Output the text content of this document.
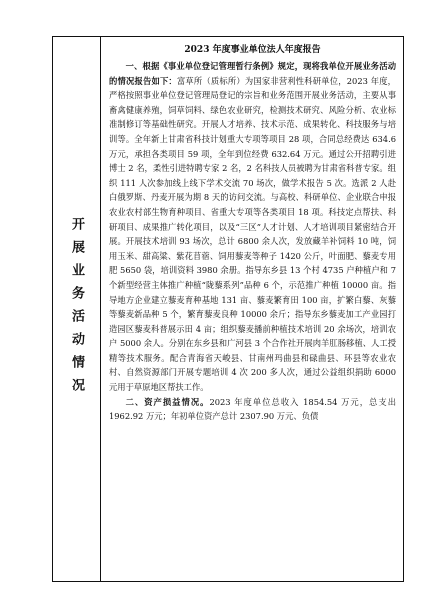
开展业务活动情况
2023 年度事业单位法人年度报告

一、根据《事业单位登记管理暂行条例》规定，现将我单位开展业务活动的情况报告如下：富草所（质标所）为国家非营利性科研单位，2023 年度，严格按照事业单位登记管理局登记的宗旨和业务范围开展业务活动，主要从事畜禽健康养殖，饲草饲料、绿色农业研究，检测技术研究、风险分析、农业标准制修订等基础性研究。开展人才培养、技术示范、成果转化、科技服务与培训等。全年新上甘肃省科技计划重大专项等项目 28 项，合同总经费达 634.6 万元，承担各类项目 59 项，全年到位经费 632.64 万元。通过公开招聘引进博士 2 名，柔性引进特聘专家 2 名，2 名科技人员被聘为甘肃省科普专家。组织 111 人次参加线上线下学术交流 70 场次，做学术报告 5 次。选派 2 人赴白俄罗斯、丹麦开展为期 8 天的访问交流。与高校、科研单位、企业联合申报农业农村部生物育种项目、省重大专项等各类项目 18 项。科技定点帮扶、科研项目、成果推广转化项目，以及“三区”人才计划、人才培训项目紧密结合开展。开展技术培训 93 场次，总计 6800 余人次，发放藏羊补饲料 10 吨，饲用玉米、甜高粱、紫花苜蓿、饲用藜麦等种子 1420 公斤，叶面肥、藜麦专用肥 5650 袋，培训资料 3980 余册。指导东乡县 13 个村 4735 户种植户和 7 个新型经营主体推广种植“陇藜系列”品种 6 个，示范推广种植 10000 亩。指导地方企业建立藜麦育种基地 131 亩、藜麦繁育田 100 亩，扩繁白藜、灰藜等藜麦新品种 5 个，繁育藜麦良种 10000 余斤；指导东乡藜麦加工产业园打造园区藜麦科普展示田 4 亩；组织藜麦播前种植技术培训 20 余场次，培训农户 5000 余人。分别在东乡县和广河县 3 个合作社开展肉羊肛肠移植、人工授精等技术服务。配合青海省天峻县、甘南州玛曲县和碌曲县、环县等农业农村、自然资源部门开展专题培训 4 次 200 多人次，通过公益组织捐助 6000 元用于草原地区帮扶工作。

二、资产损益情况。2023 年度单位总收入 1854.54 万元，总支出 1962.92 万元；年初单位资产总计 2307.90 万元、负债
